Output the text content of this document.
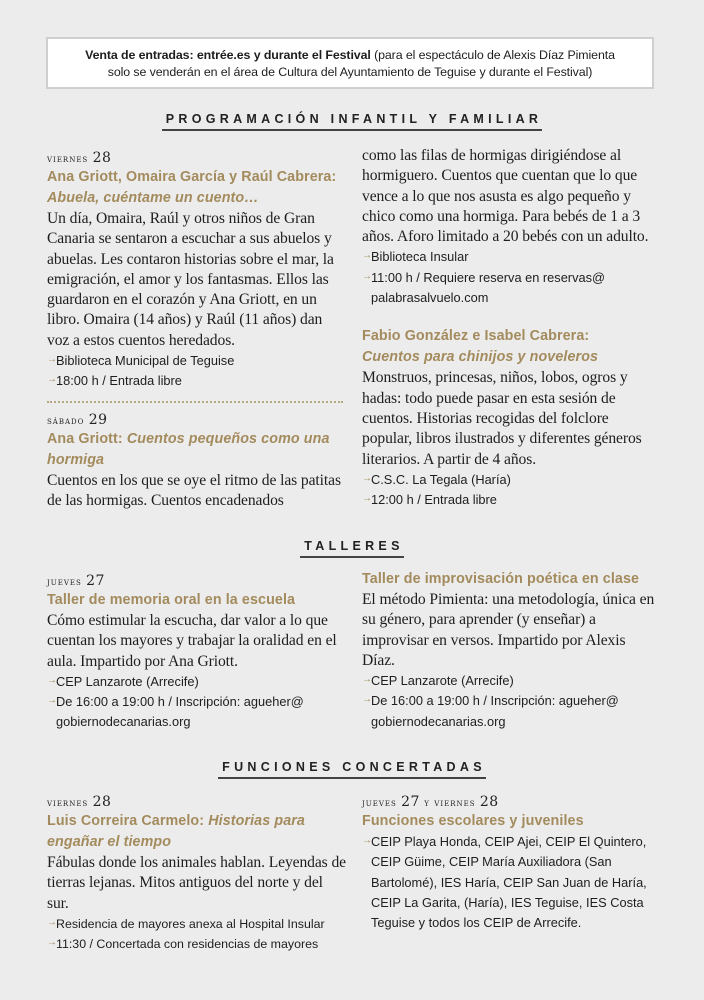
Venta de entradas: entrée.es y durante el Festival (para el espectáculo de Alexis Díaz Pimienta
solo se venderán en el área de Cultura del Ayuntamiento de Teguise y durante el Festival)
PROGRAMACIÓN INFANTIL Y FAMILIAR
viernes 28
Ana Griott, Omaira García y Raúl Cabrera: Abuela, cuéntame un cuento…
Un día, Omaira, Raúl y otros niños de Gran Canaria se sentaron a escuchar a sus abuelos y abuelas. Les contaron historias sobre el mar, la emigración, el amor y los fantasmas. Ellos las guardaron en el corazón y Ana Griott, en un libro. Omaira (14 años) y Raúl (11 años) dan voz a estos cuentos heredados.
→ Biblioteca Municipal de Teguise
→ 18:00 h / Entrada libre
sábado 29
Ana Griott: Cuentos pequeños como una hormiga
Cuentos en los que se oye el ritmo de las patitas de las hormigas. Cuentos encadenados
como las filas de hormigas dirigiéndose al hormiguero. Cuentos que cuentan que lo que vence a lo que nos asusta es algo pequeño y chico como una hormiga. Para bebés de 1 a 3 años. Aforo limitado a 20 bebés con un adulto.
→ Biblioteca Insular
→ 11:00 h / Requiere reserva en reservas@ palabrasalvuelo.com
Fabio González e Isabel Cabrera:
Cuentos para chinijos y noveleros
Monstruos, princesas, niños, lobos, ogros y hadas: todo puede pasar en esta sesión de cuentos. Historias recogidas del folclore popular, libros ilustrados y diferentes géneros literarios. A partir de 4 años.
→ C.S.C. La Tegala (Haría)
→ 12:00 h / Entrada libre
TALLERES
jueves 27
Taller de memoria oral en la escuela
Cómo estimular la escucha, dar valor a lo que cuentan los mayores y trabajar la oralidad en el aula. Impartido por Ana Griott.
→ CEP Lanzarote (Arrecife)
→ De 16:00 a 19:00 h / Inscripción: agueher@ gobiernodecanarias.org
Taller de improvisación poética en clase
El método Pimienta: una metodología, única en su género, para aprender (y enseñar) a improvisar en versos. Impartido por Alexis Díaz.
→ CEP Lanzarote (Arrecife)
→ De 16:00 a 19:00 h / Inscripción: agueher@ gobiernodecanarias.org
FUNCIONES CONCERTADAS
viernes 28
Luis Correira Carmelo: Historias para engañar el tiempo
Fábulas donde los animales hablan. Leyendas de tierras lejanas. Mitos antiguos del norte y del sur.
→ Residencia de mayores anexa al Hospital Insular
→ 11:30 / Concertada con residencias de mayores
jueves 27 y viernes 28
Funciones escolares y juveniles
→ CEIP Playa Honda, CEIP Ajei, CEIP El Quintero, CEIP Güime, CEIP María Auxiliadora (San Bartolomé), IES Haría, CEIP San Juan de Haría, CEIP La Garita, (Haría), IES Teguise, IES Costa Teguise y todos los CEIP de Arrecife.
